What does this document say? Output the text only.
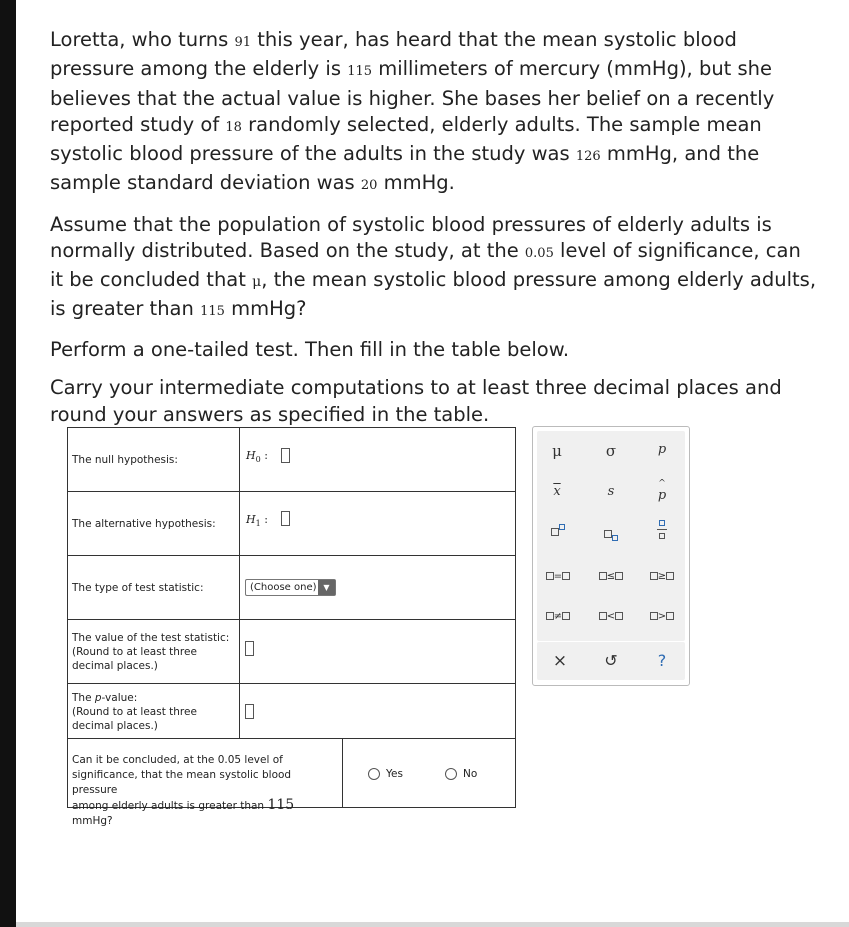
Loretta, who turns 91 this year, has heard that the mean systolic blood pressure among the elderly is 115 millimeters of mercury (mmHg), but she believes that the actual value is higher. She bases her belief on a recently reported study of 18 randomly selected, elderly adults. The sample mean systolic blood pressure of the adults in the study was 126 mmHg, and the sample standard deviation was 20 mmHg.

Assume that the population of systolic blood pressures of elderly adults is normally distributed. Based on the study, at the 0.05 level of significance, can it be concluded that μ, the mean systolic blood pressure among elderly adults, is greater than 115 mmHg?

Perform a one-tailed test. Then fill in the table below.

Carry your intermediate computations to at least three decimal places and round your answers as specified in the table.

The null hypothesis:	$H_0$ :
The alternative hypothesis:	$H_1$ :
The type of test statistic:	(Choose one) ▼
The value of the test statistic:
(Round to at least three
decimal places.)
The p-value:
(Round to at least three
decimal places.)
Can it be concluded, at the 0.05 level of
significance, that the mean systolic blood pressure
among elderly adults is greater than 115 mmHg?
Yes	No
μ	σ	p
$\overline{x}$	s	^
p
=	≤	≥
≠	<	>
×	↺	?
